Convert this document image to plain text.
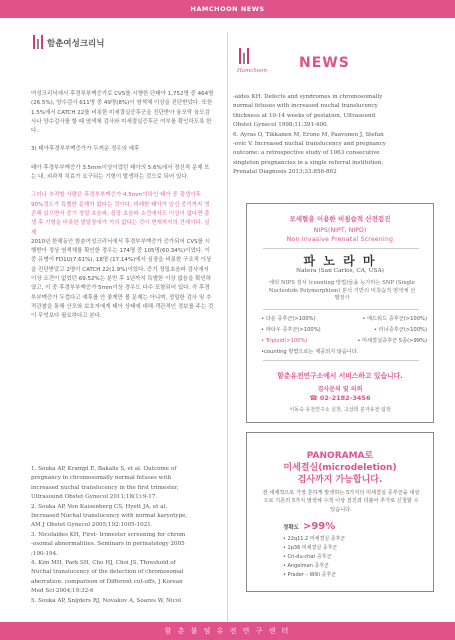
HAMCHOON NEWS
함춘여성크리닉

여성크리닉에서 후경부부맥증가로 CVS를 시행한 단태아 1,752명 중 464명(26.5%), 양수검사 611명 중 49명(8%)이 염색체 이상을 진단받았다. 또한 1.5%에서 CATCH 22를 비롯한 미세결실증후군을 진단받아 융모막 융모검사나 양수검사를 할 때 염색체 검사와 미세결실증후군 여부를 확인하도록 한다.

3) 태아후경부부맥증가가 두꺼운 경우의 예후

태아 후경부부맥증가 3.5mm이상이었던 태아의 5.6%에서 정신적 문제 또는 내, 외과적 치료가 요구되는 기형이 발생하는 것으로 되어 있다.

그러나 추적할 사람은 후경부부맥증가 4.5mm이하인 태아 중 출생이후 90%정도가 특별한 문제가 없다는 것이다. 미래한 태아가 임신 중기까지 생존해 있으면서 중기 정밀 초음파, 심장 초음파 소견에서도 이상이 없다면 출생 후 기형을 비롯한 발달장애가 거의 없다는 것이 현재까지의 견해이다. 실제

2010년 한해동안 함춘여성크리닉에서 후경부부맥증가 증가되어 CVS를 시행받아 정상 염색체를 확인한 경우는 174명 중 105명(60.34%)이었다. 이 중 유병이 FD1U(7.61%), 18명 (17.14%)에서 심장을 비롯한 구조적 이상을 진단받았고 2명이 CATCH 22(1.9%)이었다. 증기 정밀초음파 검사에서 이상 소견이 없었던 69.52%는 분만 후 1년까지 특별한 이상 없음을 확인하였고, 이 중 후경부부맥증가 5mm이상 경우도 다수 포함되어 있다. 즉 후경부부맥증가 두껍다고 예후를 안 좋게만 볼 문제는 아니며, 정밀한 검사 및 추적관찰을 통해 산모와 보호자에게 태아 상태에 대해 객관적인 정보를 주는 것이 무엇보다 필요하다고 본다.

1. Souka AP, Krampl E, Bakalis S, et al. Outcome of
pregnancy in chromosomally normal fetuses with
increased nuchal translucency in the first trimester,
Ultrasound Obstet Gynecol 2011;18(1):9-17.
2. Souka AP, Von Kaisenberg CS, Hyett JA, et al,
Increased Nuchal translucency with normal karyotype,
AM J Obstet Gynecol 2005;192:1005-1021.
3. Nicolaides KH, First- trimester screening for chrom
-osomal abnormalities. Seminars in perinatology 2005
;190-194.
4. Kim MH, Park SH, Cho HJ, Choi JS, Threshold of
Nuchal translucency of the detection of chromosomal
aberration: comparison of Different cut-offs, J Korean
Med Sci 2004;19:32-6
5. Souka AP, Snijders RJ, Novakov A, Soares W, Nicol
Hamchoon NEWS
-aides KH. Defects and syndromes in chromosomally
normal fetuses with increased nuchal translucency
thickness at 10-14 weeks of gestation, Ultrasound
Obstet Gynecol 1998;11:391-400.
6. Ayras O, Tikkanen M, Erone M, Paavonen J, Stefan
-ovic V. Increased nuchal translucency and pregnancy
outcome; a retrospective study of 1063 consecutive
singleton pregnancies in a single referral institution,
Prenatal Diagnosis 2013;33:856-862
모세혈을 이용한 비침습적 산전검진
NIPS(NIPT, NIPD)
Non Invasive Prenatal Screening
파 노 라 마
Natera (San Carlos, CA, USA)
에타 NIPS 검사 (counting 방법)들을 능가하는 SNP (Single Nucleotide Polymorphism) 분석 기반의 비침습적 염색체 선별검사
• 다운 증후군(>100%)	• 에드워드 증후군(>100%)
• 파타우 증후군(>100%)	• 터너증후군(>100%)
• Triploid(>100%)	• 미세결실증후군 5종(>99%)
•counting 방법으로는 제공되지 않습니다.
함춘유전연구소에서 서비스하고 있습니다.
검사문의 및 의뢰
☎ 02-2182-3456
이동숙 유전연구소 실장, 고상희 분자유전 팀장
PANORAMA로
미세결실(microdeletion)
검사까지 가능합니다.
전 세계적으로 가장 흔하게 발생하는 5가지의 미세결실 증후군을 대상으로 기존의 5가지 염색체 수적 이상 검진과 더불어 추가로 신청할 수 있습니다.
정확도 >99%
• 22q11.2 미세결실 증후군
• 1p36 미세결실 증후군
• Cri-du-chat 증후군
• Angelman 증후군
• Prader – Willi 증후군
함 춘 불 임 유 전 연 구 센 터
